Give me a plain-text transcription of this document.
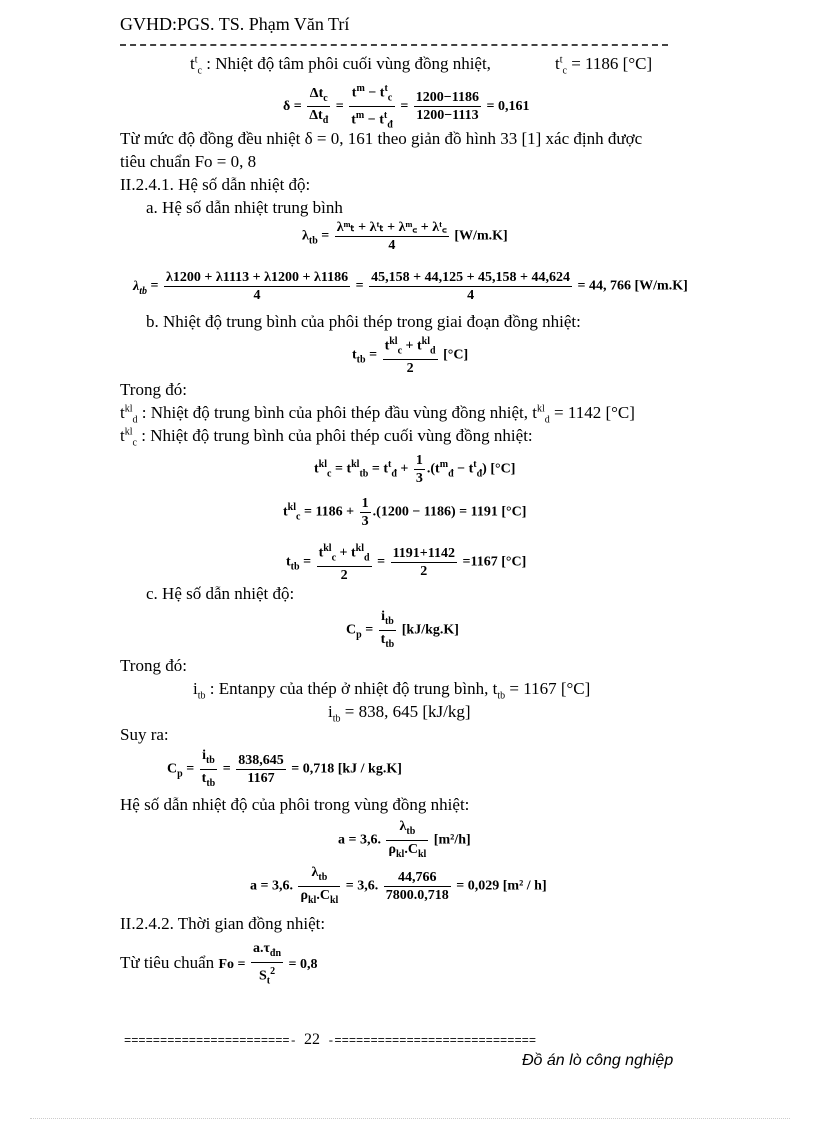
GVHD:PGS. TS. Phạm Văn Trí
$t^t_c$ : Nhiệt độ tâm phôi cuối vùng đồng nhiệt,	$t^t_c = 1186$ [°C]
$\delta = \frac{\Delta t_c}{\Delta t_đ} = \frac{t^m - t^t_c}{t^m - t^t_đ} = \frac{1200-1186}{1200-1113} = 0,161$
Từ mức độ đồng đều nhiệt δ = 0, 161 theo giản đồ hình 33 [1] xác định được
tiêu chuẩn Fo = 0, 8
II.2.4.1. Hệ số dẫn nhiệt độ:
a. Hệ số dẫn nhiệt trung bình
$\lambda_{tb} = \frac{\text{λᵐₜ + λᵗₜ + λᵐ꜀ + λᵗ꜀}}{4} [W/m.K]$
$\lambda_{tb} = \frac{\lambda 1200 + \lambda 1113 + \lambda 1200 + \lambda 1186}{4} = \frac{45,158 + 44,125 + 45,158 + 44,624}{4} = 44$, 766 [W/m.K]
b. Nhiệt độ trung bình của phôi thép trong giai đoạn đồng nhiệt:
$t_{tb} = \frac{t^{kl}_c + t^{kl}_d}{2} [^\circ C]$
Trong đó:
$t^{kl}_d$ : Nhiệt độ trung bình của phôi thép đầu vùng đồng nhiệt, $t^{kl}_d = 1142$ [°C]
$t^{kl}_c$ : Nhiệt độ trung bình của phôi thép cuối vùng đồng nhiệt:
$t^{kl}_c = t^{kl}_{tb} = t^t_đ + \frac{1}{3} .(t^m_đ - t^t_đ)$ [°C]
$t^{kl}_c = 1186 + \frac{1}{3} .(1200 - 1186) = 1191$ [°C]
$t_{tb} = \frac{t^{kl}_c + t^{kl}_d}{2} = \frac{1191+1142}{2} =1167$ [°C]
c. Hệ số dẫn nhiệt độ:
$C_p = \frac{i_{tb}}{t_{tb}} [kJ/kg.K]$
Trong đó:
$i_{tb}$ : Entanpy của thép ở nhiệt độ trung bình, $t_{tb} = 1167$ [°C]
$i_{tb} = 838$, 645 [kJ/kg]
Suy ra:
$C_p = \frac{i_{tb}}{t_{tb}} = \frac{838,645}{1167} = 0,718$ [kJ / kg.K]
Hệ số dẫn nhiệt độ của phôi trong vùng đồng nhiệt:
a = 3,6. $\frac{\lambda_{tb}}{\rho_{kl}.C_{kl}} [m^2/h]$
a = 3,6. $\frac{\lambda_{tb}}{\rho_{kl}.C_{kl}} = 3,6$. $\frac{44,766}{7800.0,718} = 0,029$ [m² / h]
II.2.4.2. Thời gian đồng nhiệt:
Từ tiêu chuẩn $Fo = \frac{a.\tau_{đn}}{S_t^2} = 0,8$
=======================- 22 -============================
Đồ án lò công nghiệp
